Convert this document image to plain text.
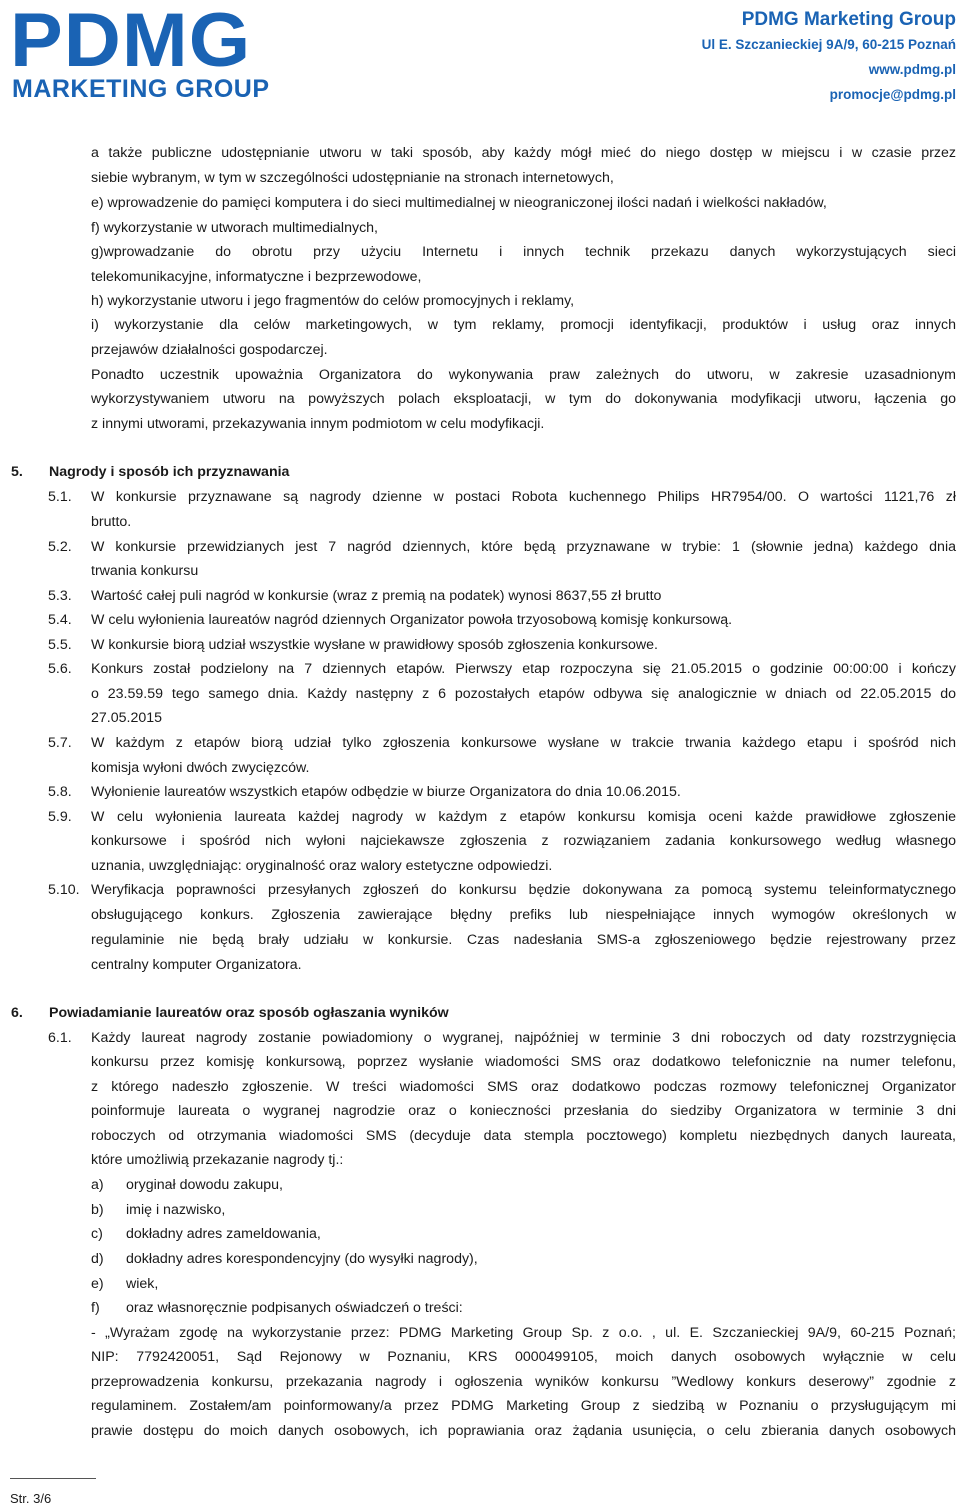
PDMG
MARKETING GROUP
PDMG Marketing Group
Ul E. Szczanieckiej 9A/9, 60-215 Poznań
www.pdmg.pl
promocje@pdmg.pl
a także publiczne udostępnianie utworu w taki sposób, aby każdy mógł mieć do niego dostęp w miejscu i w czasie przez
siebie wybranym, w tym w szczególności udostępnianie na stronach internetowych,
e) wprowadzenie do pamięci komputera i do sieci multimedialnej w nieograniczonej ilości nadań i wielkości nakładów,
f) wykorzystanie w utworach multimedialnych,
g)wprowadzanie do obrotu przy użyciu Internetu i innych technik przekazu danych wykorzystujących sieci
telekomunikacyjne, informatyczne i bezprzewodowe,
h) wykorzystanie utworu i jego fragmentów do celów promocyjnych i reklamy,
i) wykorzystanie dla celów marketingowych, w tym reklamy, promocji identyfikacji, produktów i usług oraz innych
przejawów działalności gospodarczej.
Ponadto uczestnik upoważnia Organizatora do wykonywania praw zależnych do utworu, w zakresie uzasadnionym
wykorzystywaniem utworu na powyższych polach eksploatacji, w tym do dokonywania modyfikacji utworu, łączenia go
z innymi utworami, przekazywania innym podmiotom w celu modyfikacji.
5. Nagrody i sposób ich przyznawania
5.1. W konkursie przyznawane są nagrody dzienne w postaci Robota kuchennego Philips HR7954/00. O wartości 1121,76 zł
brutto.
5.2. W konkursie przewidzianych jest 7 nagród dziennych, które będą przyznawane w trybie: 1 (słownie jedna) każdego dnia
trwania konkursu
5.3. Wartość całej puli nagród w konkursie (wraz z premią na podatek) wynosi 8637,55 zł brutto
5.4. W celu wyłonienia laureatów nagród dziennych Organizator powoła trzyosobową komisję konkursową.
5.5. W konkursie biorą udział wszystkie wysłane w prawidłowy sposób zgłoszenia konkursowe.
5.6. Konkurs został podzielony na 7 dziennych etapów. Pierwszy etap rozpoczyna się 21.05.2015 o godzinie 00:00:00 i kończy
o 23.59.59 tego samego dnia. Każdy następny z 6 pozostałych etapów odbywa się analogicznie w dniach od 22.05.2015 do
27.05.2015
5.7. W każdym z etapów biorą udział tylko zgłoszenia konkursowe wysłane w trakcie trwania każdego etapu i spośród nich
komisja wyłoni dwóch zwycięzców.
5.8. Wyłonienie laureatów wszystkich etapów odbędzie w biurze Organizatora do dnia 10.06.2015.
5.9. W celu wyłonienia laureata każdej nagrody w każdym z etapów konkursu komisja oceni każde prawidłowe zgłoszenie
konkursowe i spośród nich wyłoni najciekawsze zgłoszenia z rozwiązaniem zadania konkursowego według własnego
uznania, uwzględniając: oryginalność oraz walory estetyczne odpowiedzi.
5.10. Weryfikacja poprawności przesyłanych zgłoszeń do konkursu będzie dokonywana za pomocą systemu teleinformatycznego
obsługującego konkurs. Zgłoszenia zawierające błędny prefiks lub niespełniające innych wymogów określonych w
regulaminie nie będą brały udziału w konkursie. Czas nadesłania SMS-a zgłoszeniowego będzie rejestrowany przez
centralny komputer Organizatora.
6. Powiadamianie laureatów oraz sposób ogłaszania wyników
6.1. Każdy laureat nagrody zostanie powiadomiony o wygranej, najpóźniej w terminie 3 dni roboczych od daty rozstrzygnięcia
konkursu przez komisję konkursową, poprzez wysłanie wiadomości SMS oraz dodatkowo telefonicznie na numer telefonu,
z którego nadeszło zgłoszenie. W treści wiadomości SMS oraz dodatkowo podczas rozmowy telefonicznej Organizator
poinformuje laureata o wygranej nagrodzie oraz o konieczności przesłania do siedziby Organizatora w terminie 3 dni
roboczych od otrzymania wiadomości SMS (decyduje data stempla pocztowego) kompletu niezbędnych danych laureata,
które umożliwią przekazanie nagrody tj.:
a) oryginał dowodu zakupu,
b) imię i nazwisko,
c) dokładny adres zameldowania,
d) dokładny adres korespondencyjny (do wysyłki nagrody),
e) wiek,
f) oraz własnoręcznie podpisanych oświadczeń o treści:
- „Wyrażam zgodę na wykorzystanie przez: PDMG Marketing Group Sp. z o.o. , ul. E. Szczanieckiej 9A/9, 60-215 Poznań;
NIP: 7792420051, Sąd Rejonowy w Poznaniu, KRS 0000499105, moich danych osobowych wyłącznie w celu
przeprowadzenia konkursu, przekazania nagrody i ogłoszenia wyników konkursu ”Wedlowy konkurs deserowy” zgodnie z
regulaminem. Zostałem/am poinformowany/a przez PDMG Marketing Group z siedzibą w Poznaniu o przysługującym mi
prawie dostępu do moich danych osobowych, ich poprawiania oraz żądania usunięcia, o celu zbierania danych osobowych
Str. 3/6
